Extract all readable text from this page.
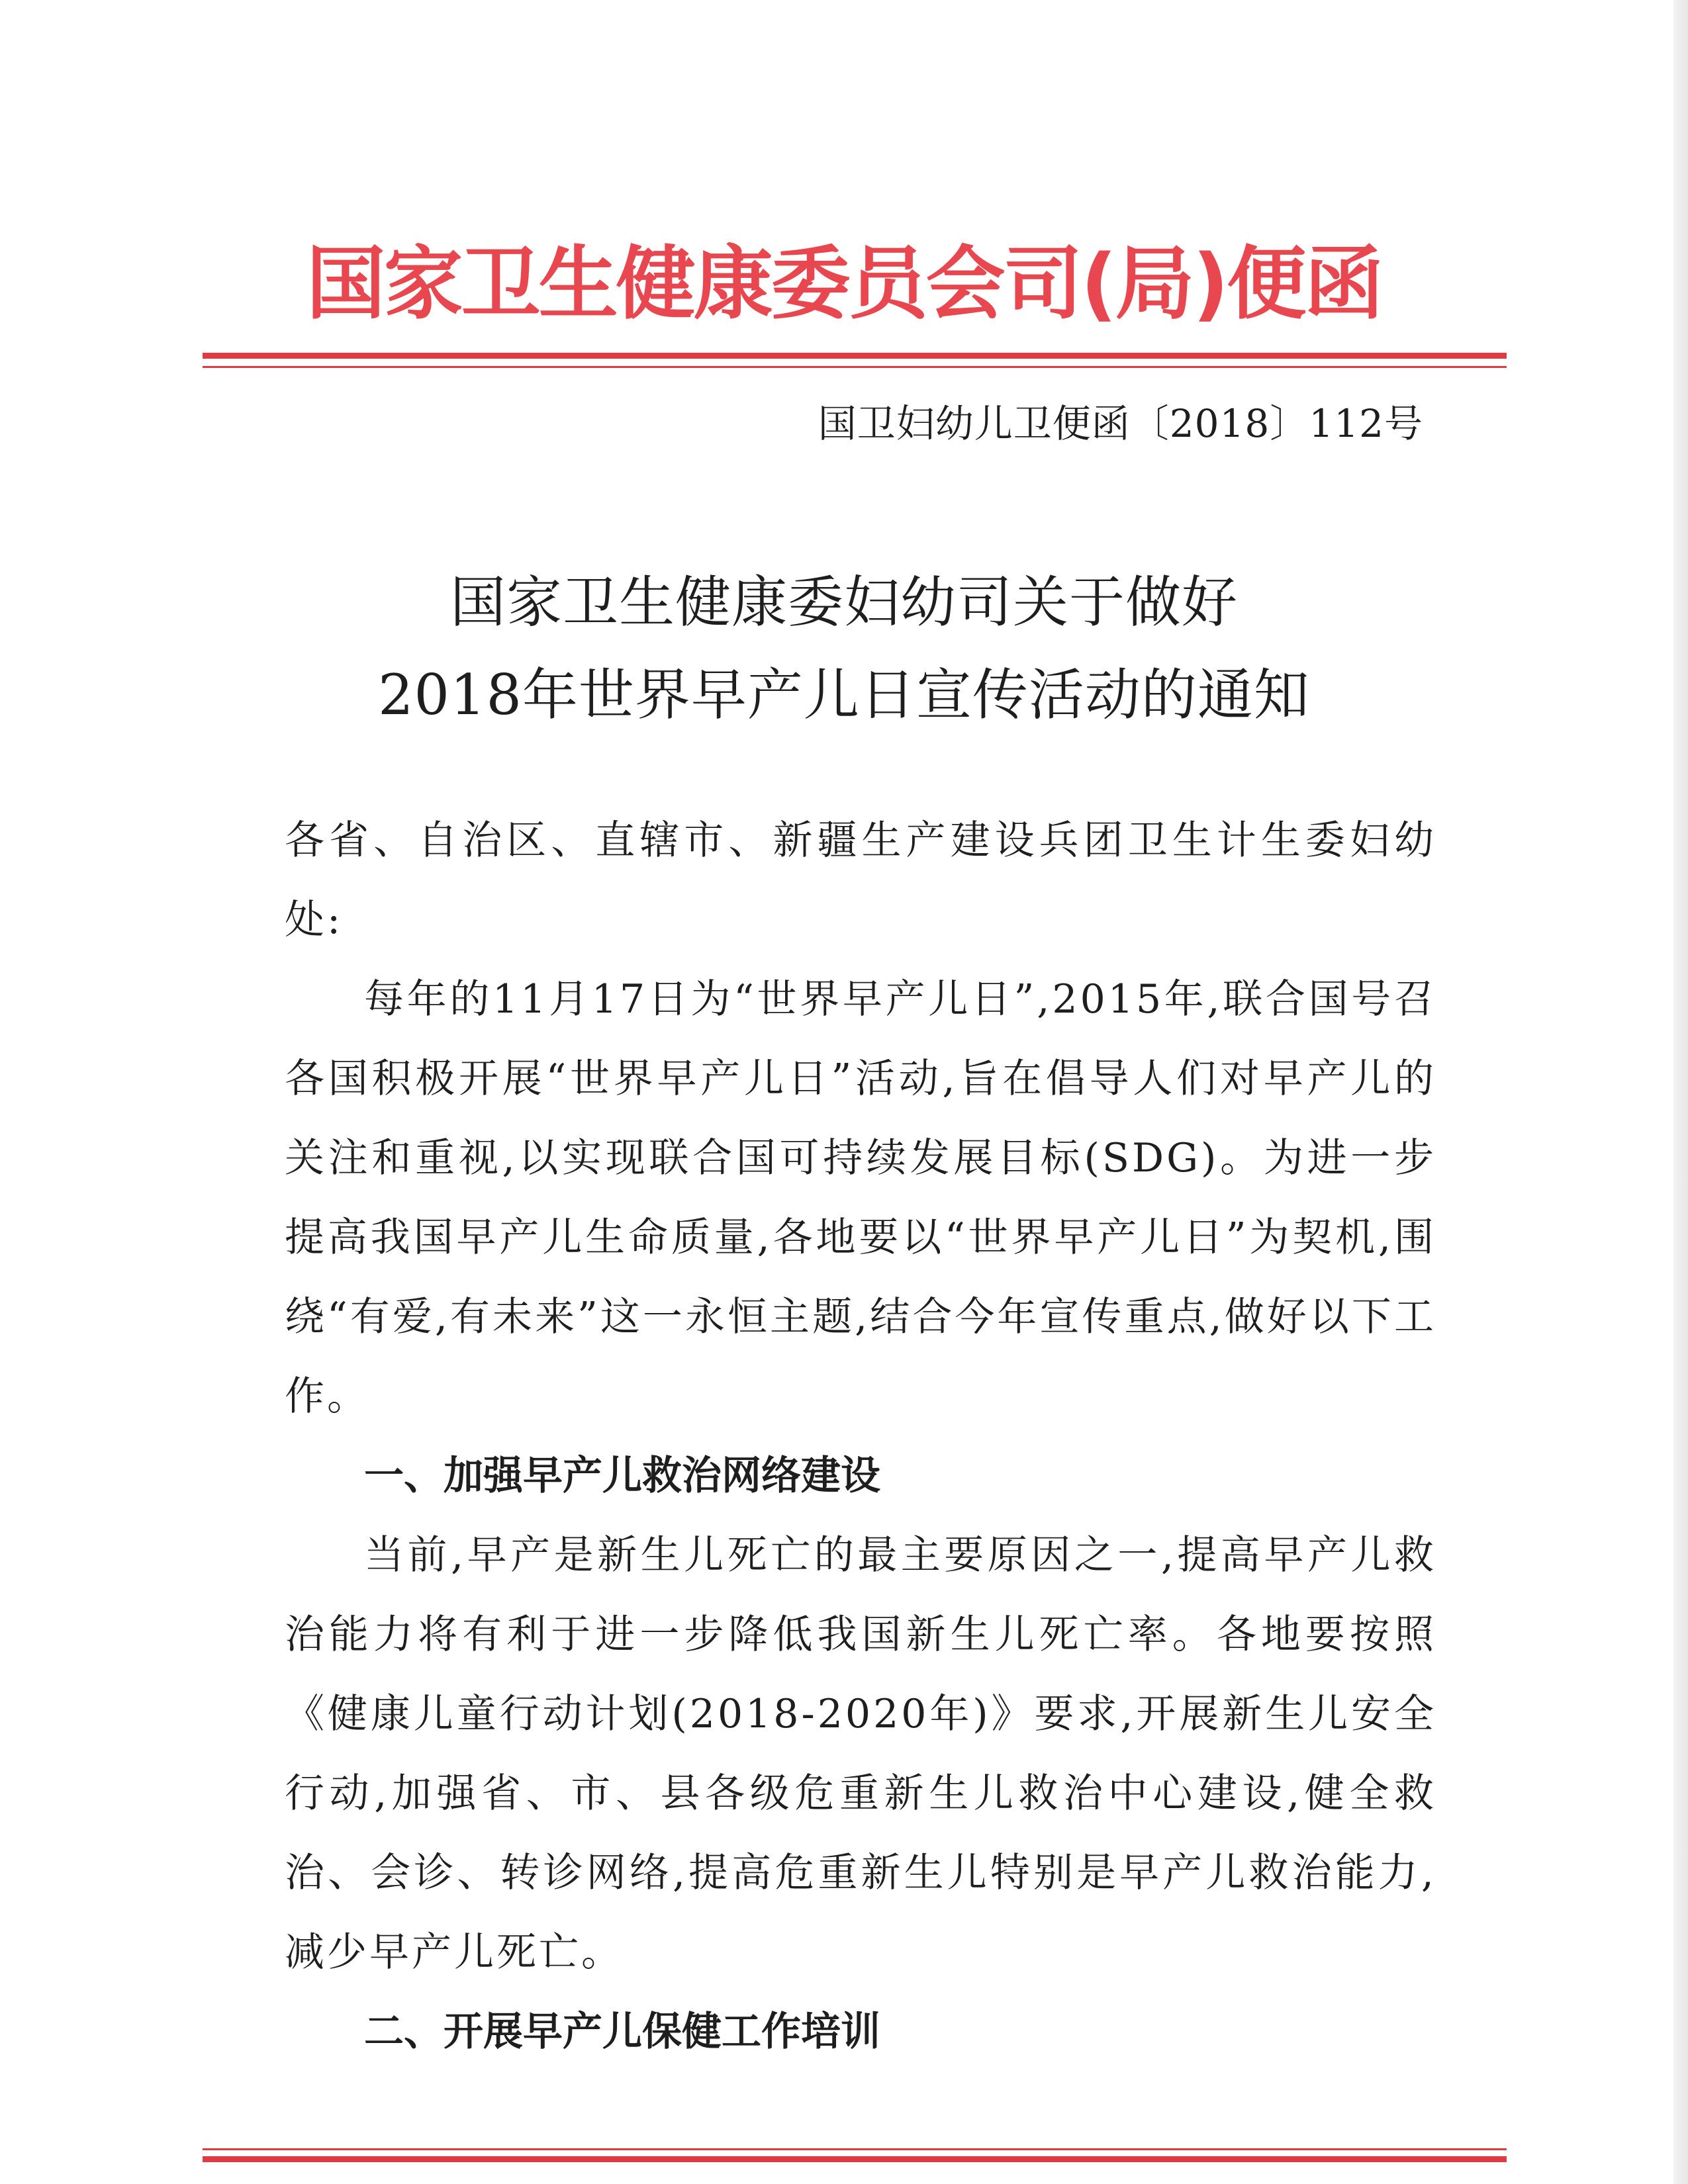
国家卫生健康委员会司(局)便函
国卫妇幼儿卫便函〔2018〕112号
国家卫生健康委妇幼司关于做好
2018年世界早产儿日宣传活动的通知

各省、自治区、直辖市、新疆生产建设兵团卫生计生委妇幼处:

每年的11月17日为“世界早产儿日”,2015年,联合国号召各国积极开展“世界早产儿日”活动,旨在倡导人们对早产儿的关注和重视,以实现联合国可持续发展目标(SDG)。为进一步提高我国早产儿生命质量,各地要以“世界早产儿日”为契机,围绕“有爱,有未来”这一永恒主题,结合今年宣传重点,做好以下工作。

一、加强早产儿救治网络建设

当前,早产是新生儿死亡的最主要原因之一,提高早产儿救治能力将有利于进一步降低我国新生儿死亡率。各地要按照《健康儿童行动计划(2018-2020年)》要求,开展新生儿安全行动,加强省、市、县各级危重新生儿救治中心建设,健全救治、会诊、转诊网络,提高危重新生儿特别是早产儿救治能力,减少早产儿死亡。

二、开展早产儿保健工作培训
